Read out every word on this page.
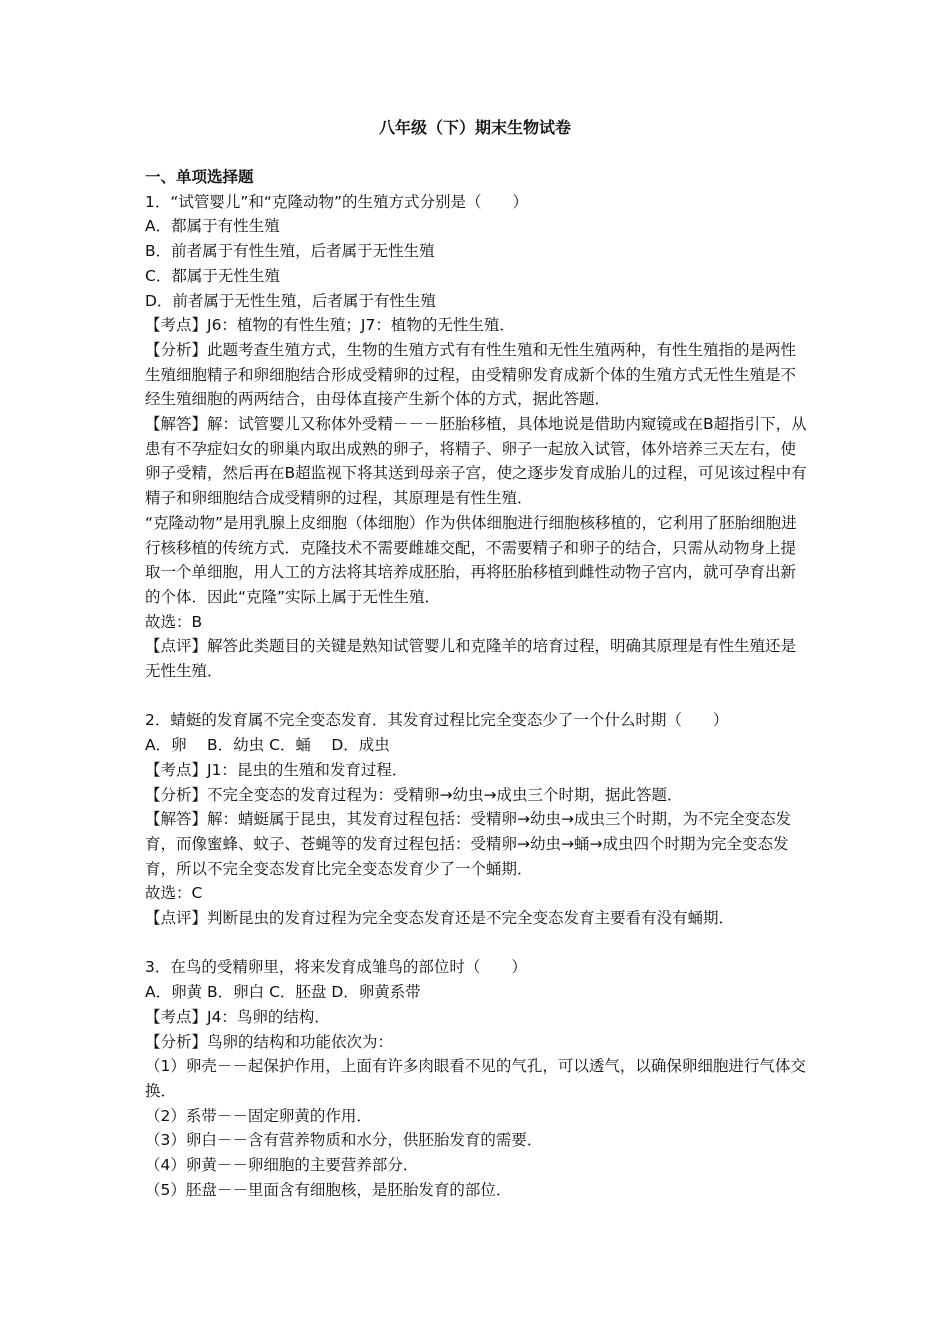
八年级（下）期末生物试卷

一、单项选择题

1．“试管婴儿”和“克隆动物”的生殖方式分别是（　　）

A．都属于有性生殖

B．前者属于有性生殖，后者属于无性生殖

C．都属于无性生殖

D．前者属于无性生殖，后者属于有性生殖

【考点】J6：植物的有性生殖；J7：植物的无性生殖．

【分析】此题考查生殖方式，生物的生殖方式有有性生殖和无性生殖两种，有性生殖指的是两性生殖细胞精子和卵细胞结合形成受精卵的过程，由受精卵发育成新个体的生殖方式无性生殖是不经生殖细胞的两两结合，由母体直接产生新个体的方式，据此答题．

【解答】解：试管婴儿又称体外受精－－－胚胎移植，具体地说是借助内窥镜或在B超指引下，从患有不孕症妇女的卵巢内取出成熟的卵子，将精子、卵子一起放入试管，体外培养三天左右，使卵子受精，然后再在B超监视下将其送到母亲子宫，使之逐步发育成胎儿的过程，可见该过程中有精子和卵细胞结合成受精卵的过程，其原理是有性生殖．

“克隆动物”是用乳腺上皮细胞（体细胞）作为供体细胞进行细胞核移植的，它利用了胚胎细胞进行核移植的传统方式．克隆技术不需要雌雄交配，不需要精子和卵子的结合，只需从动物身上提取一个单细胞，用人工的方法将其培养成胚胎，再将胚胎移植到雌性动物子宫内，就可孕育出新的个体．因此“克隆”实际上属于无性生殖．

故选：B

【点评】解答此类题目的关键是熟知试管婴儿和克隆羊的培育过程，明确其原理是有性生殖还是无性生殖．

2．蜻蜓的发育属不完全变态发育．其发育过程比完全变态少了一个什么时期（　　）

A．卵　 B．幼虫 C．蛹　 D．成虫

【考点】J1：昆虫的生殖和发育过程．

【分析】不完全变态的发育过程为：受精卵→幼虫→成虫三个时期，据此答题．

【解答】解：蜻蜓属于昆虫，其发育过程包括：受精卵→幼虫→成虫三个时期，为不完全变态发育，而像蜜蜂、蚊子、苍蝇等的发育过程包括：受精卵→幼虫→蛹→成虫四个时期为完全变态发育，所以不完全变态发育比完全变态发育少了一个蛹期．

故选：C

【点评】判断昆虫的发育过程为完全变态发育还是不完全变态发育主要看有没有蛹期．

3．在鸟的受精卵里，将来发育成雏鸟的部位时（　　）

A．卵黄 B．卵白 C．胚盘 D．卵黄系带

【考点】J4：鸟卵的结构．

【分析】鸟卵的结构和功能依次为：

（1）卵壳－－起保护作用，上面有许多肉眼看不见的气孔，可以透气，以确保卵细胞进行气体交换．

（2）系带－－固定卵黄的作用．

（3）卵白－－含有营养物质和水分，供胚胎发育的需要．

（4）卵黄－－卵细胞的主要营养部分．

（5）胚盘－－里面含有细胞核，是胚胎发育的部位．
